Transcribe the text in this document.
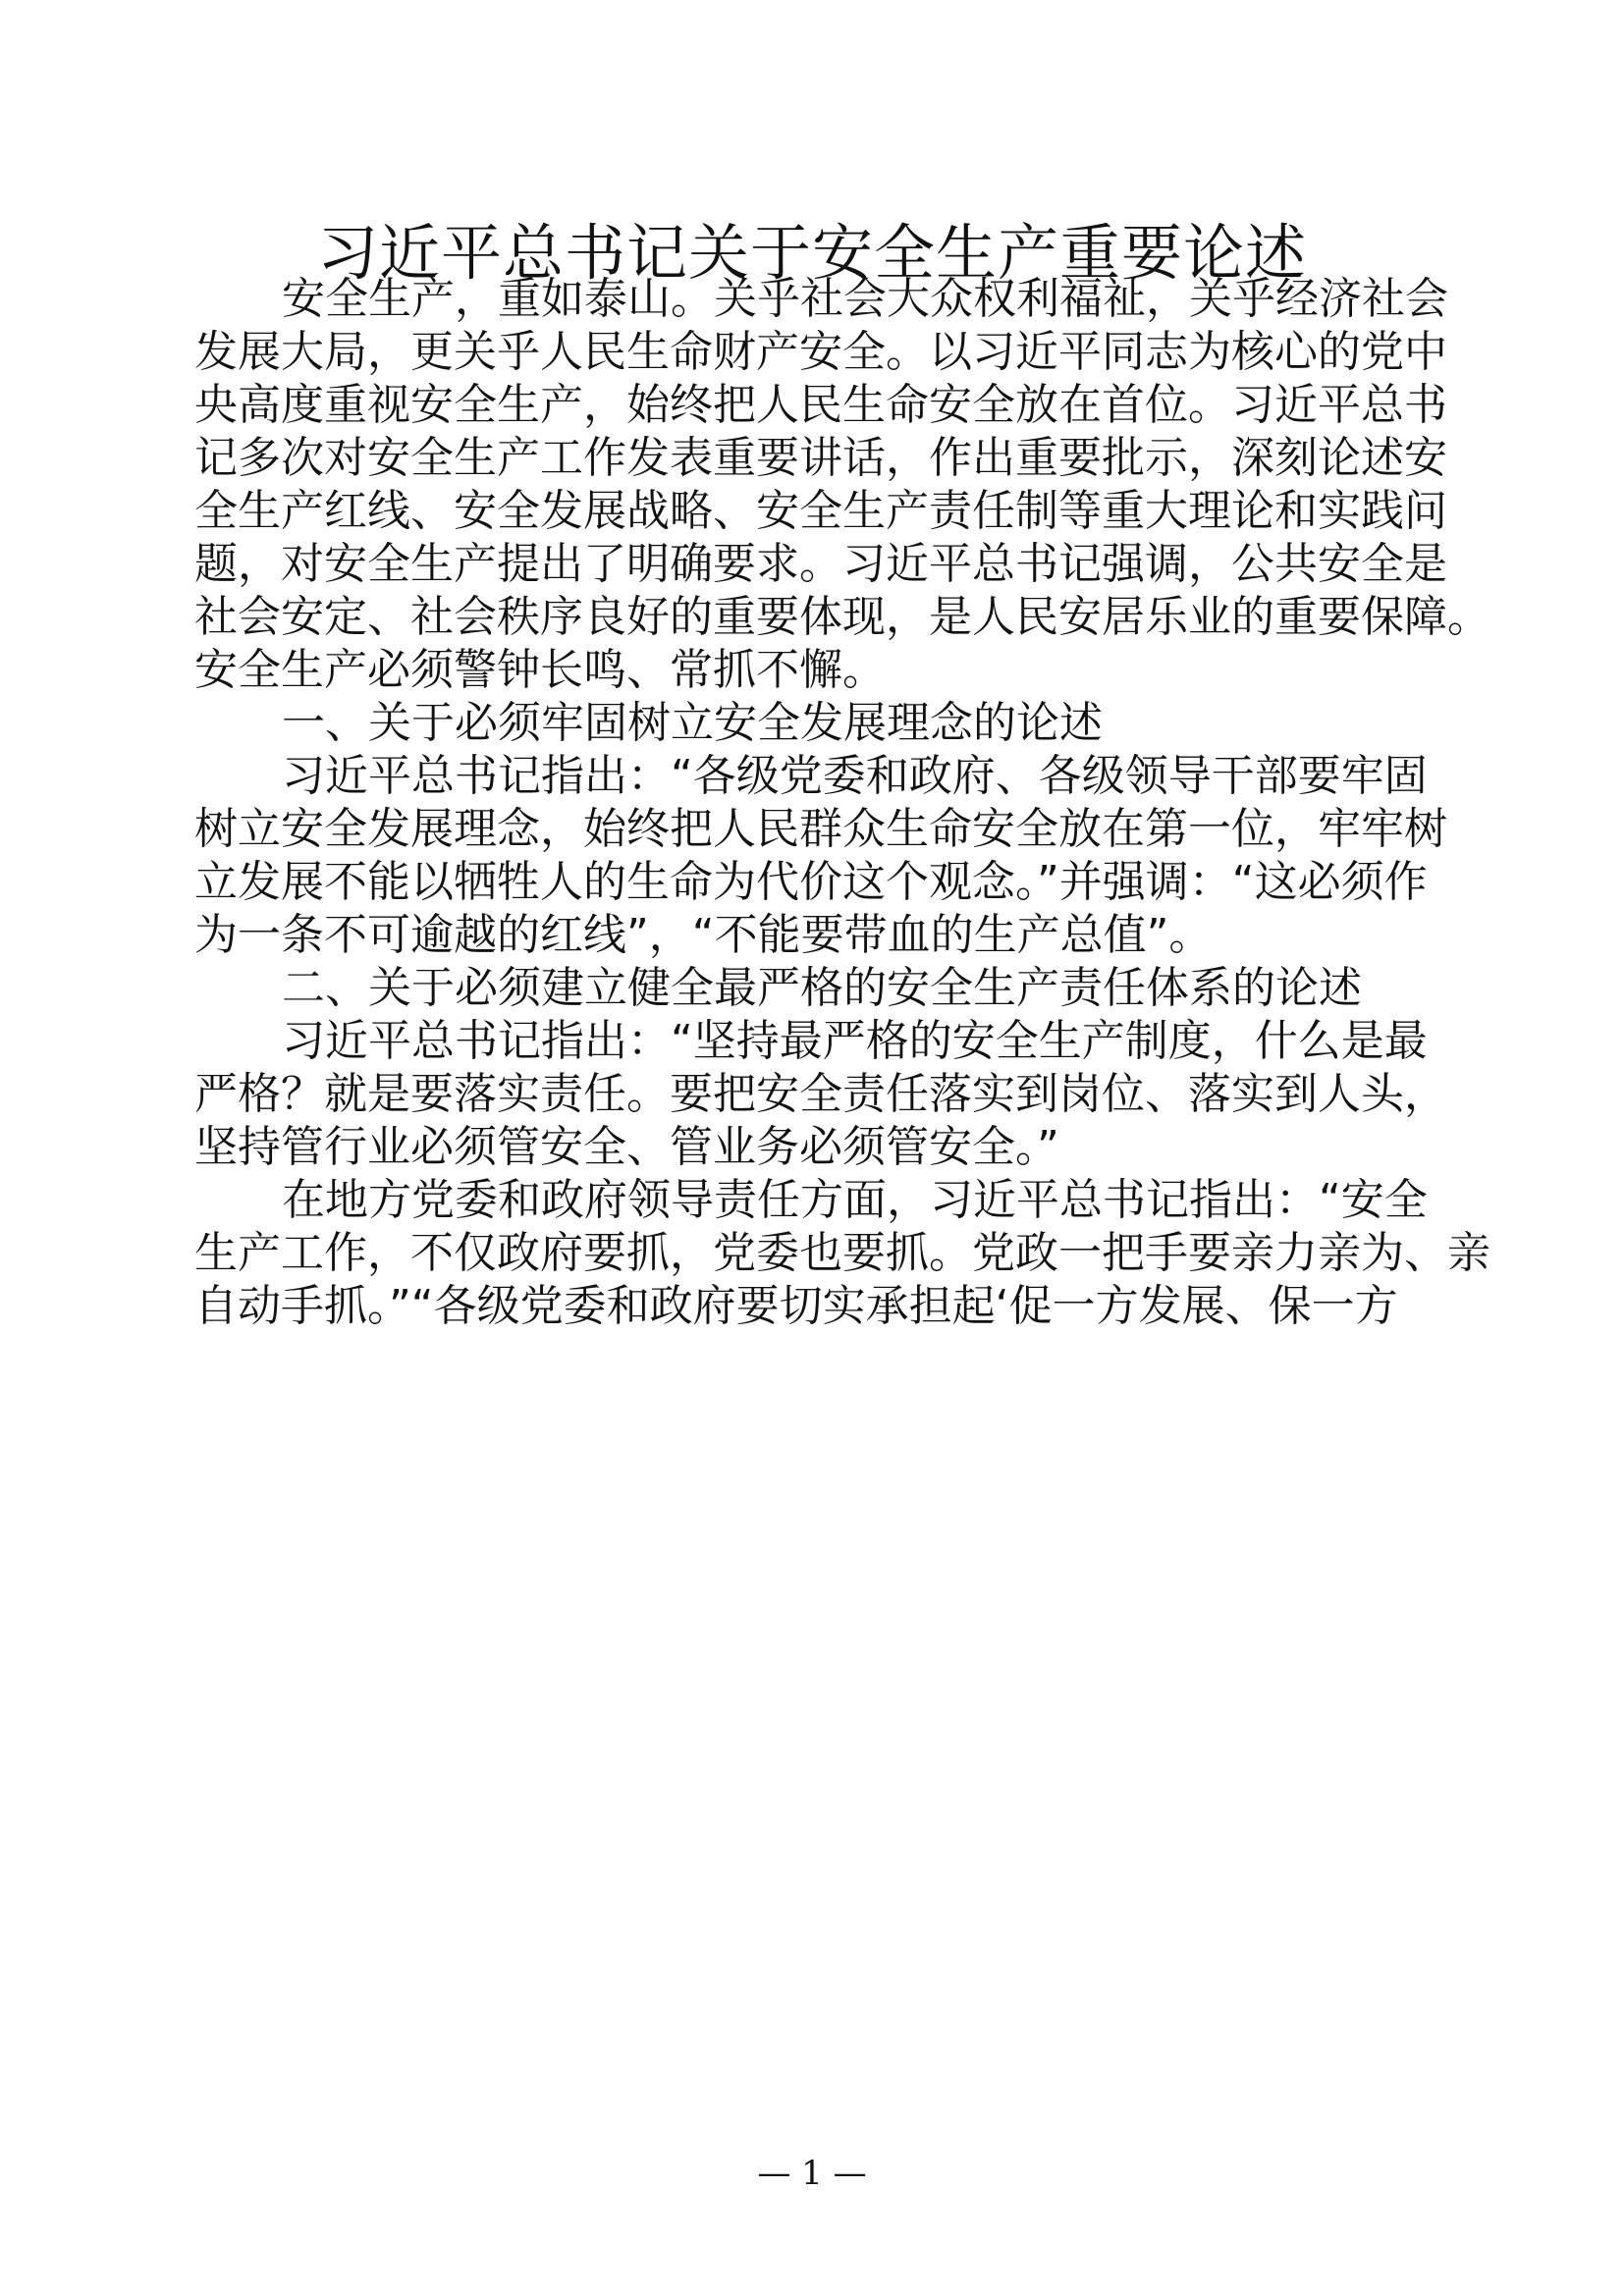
习近平总书记关于安全生产重要论述

安全生产，重如泰山。关乎社会大众权利福祉，关乎经济社会

发展大局，更关乎人民生命财产安全。以习近平同志为核心的党中

央高度重视安全生产，始终把人民生命安全放在首位。习近平总书

记多次对安全生产工作发表重要讲话，作出重要批示，深刻论述安

全生产红线、安全发展战略、安全生产责任制等重大理论和实践问

题，对安全生产提出了明确要求。习近平总书记强调，公共安全是

社会安定、社会秩序良好的重要体现，是人民安居乐业的重要保障。

安全生产必须警钟长鸣、常抓不懈。

一、关于必须牢固树立安全发展理念的论述

习近平总书记指出：“各级党委和政府、各级领导干部要牢固

树立安全发展理念，始终把人民群众生命安全放在第一位，牢牢树

立发展不能以牺牲人的生命为代价这个观念。”并强调：“这必须作

为一条不可逾越的红线”，“不能要带血的生产总值”。

二、关于必须建立健全最严格的安全生产责任体系的论述

习近平总书记指出：“坚持最严格的安全生产制度，什么是最

严格？就是要落实责任。要把安全责任落实到岗位、落实到人头，

坚持管行业必须管安全、管业务必须管安全。”

在地方党委和政府领导责任方面，习近平总书记指出：“安全

生产工作，不仅政府要抓，党委也要抓。党政一把手要亲力亲为、亲

自动手抓。”“各级党委和政府要切实承担起‘促一方发展、保一方

— 1 —
